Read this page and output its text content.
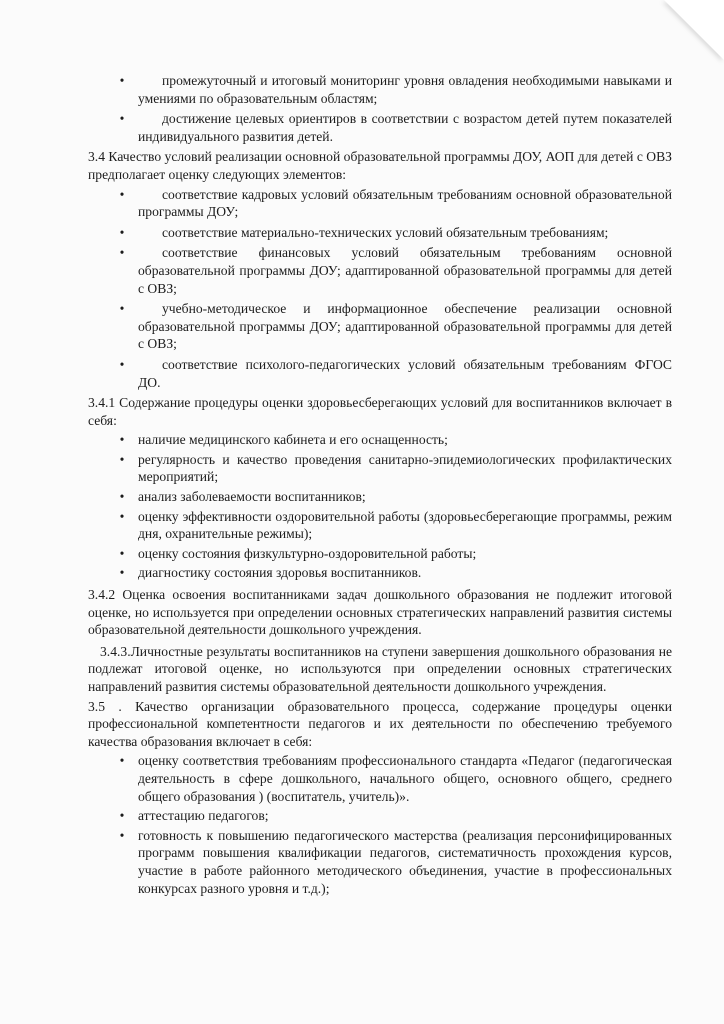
•	промежуточный и итоговый мониторинг уровня овладения необходимыми навыками и умениями по образовательным областям;
•	достижение целевых ориентиров в соответствии с возрастом детей путем показателей индивидуального развития детей.

3.4 Качество условий реализации основной образовательной программы ДОУ, АОП для детей с ОВЗ предполагает оценку следующих элементов:

•	соответствие кадровых условий обязательным требованиям основной образовательной программы ДОУ;
•	соответствие материально-технических условий обязательным требованиям;
•	соответствие финансовых условий обязательным требованиям основной образовательной программы ДОУ; адаптированной образовательной программы для детей с ОВЗ;
•	учебно-методическое и информационное обеспечение реализации основной образовательной программы ДОУ; адаптированной образовательной программы для детей с ОВЗ;
•	соответствие психолого-педагогических условий обязательным требованиям ФГОС ДО.

3.4.1 Содержание процедуры оценки здоровьесберегающих условий для воспитанников включает в себя:

•	наличие медицинского кабинета и его оснащенность;
•	регулярность и качество проведения санитарно-эпидемиологических профилактических мероприятий;
•	анализ заболеваемости воспитанников;
•	оценку эффективности оздоровительной работы (здоровьесберегающие программы, режим дня, охранительные режимы);
•	оценку состояния физкультурно-оздоровительной работы;
•	диагностику состояния здоровья воспитанников.

3.4.2 Оценка освоения воспитанниками задач дошкольного образования не подлежит итоговой оценке, но используется при определении основных стратегических направлений развития системы образовательной деятельности дошкольного учреждения.

3.4.3.Личностные результаты воспитанников на ступени завершения дошкольного образования не подлежат итоговой оценке, но используются при определении основных стратегических направлений развития системы образовательной деятельности дошкольного учреждения.

3.5 . Качество организации образовательного процесса, содержание процедуры оценки профессиональной компетентности педагогов и их деятельности по обеспечению требуемого качества образования включает в себя:

•	оценку соответствия требованиям профессионального стандарта «Педагог (педагогическая деятельность в сфере дошкольного, начального общего, основного общего, среднего общего образования ) (воспитатель, учитель)».
•	аттестацию педагогов;
•	готовность к повышению педагогического мастерства (реализация персонифицированных программ повышения квалификации педагогов, систематичность прохождения курсов, участие в работе районного методического объединения, участие в профессиональных конкурсах разного уровня и т.д.);
